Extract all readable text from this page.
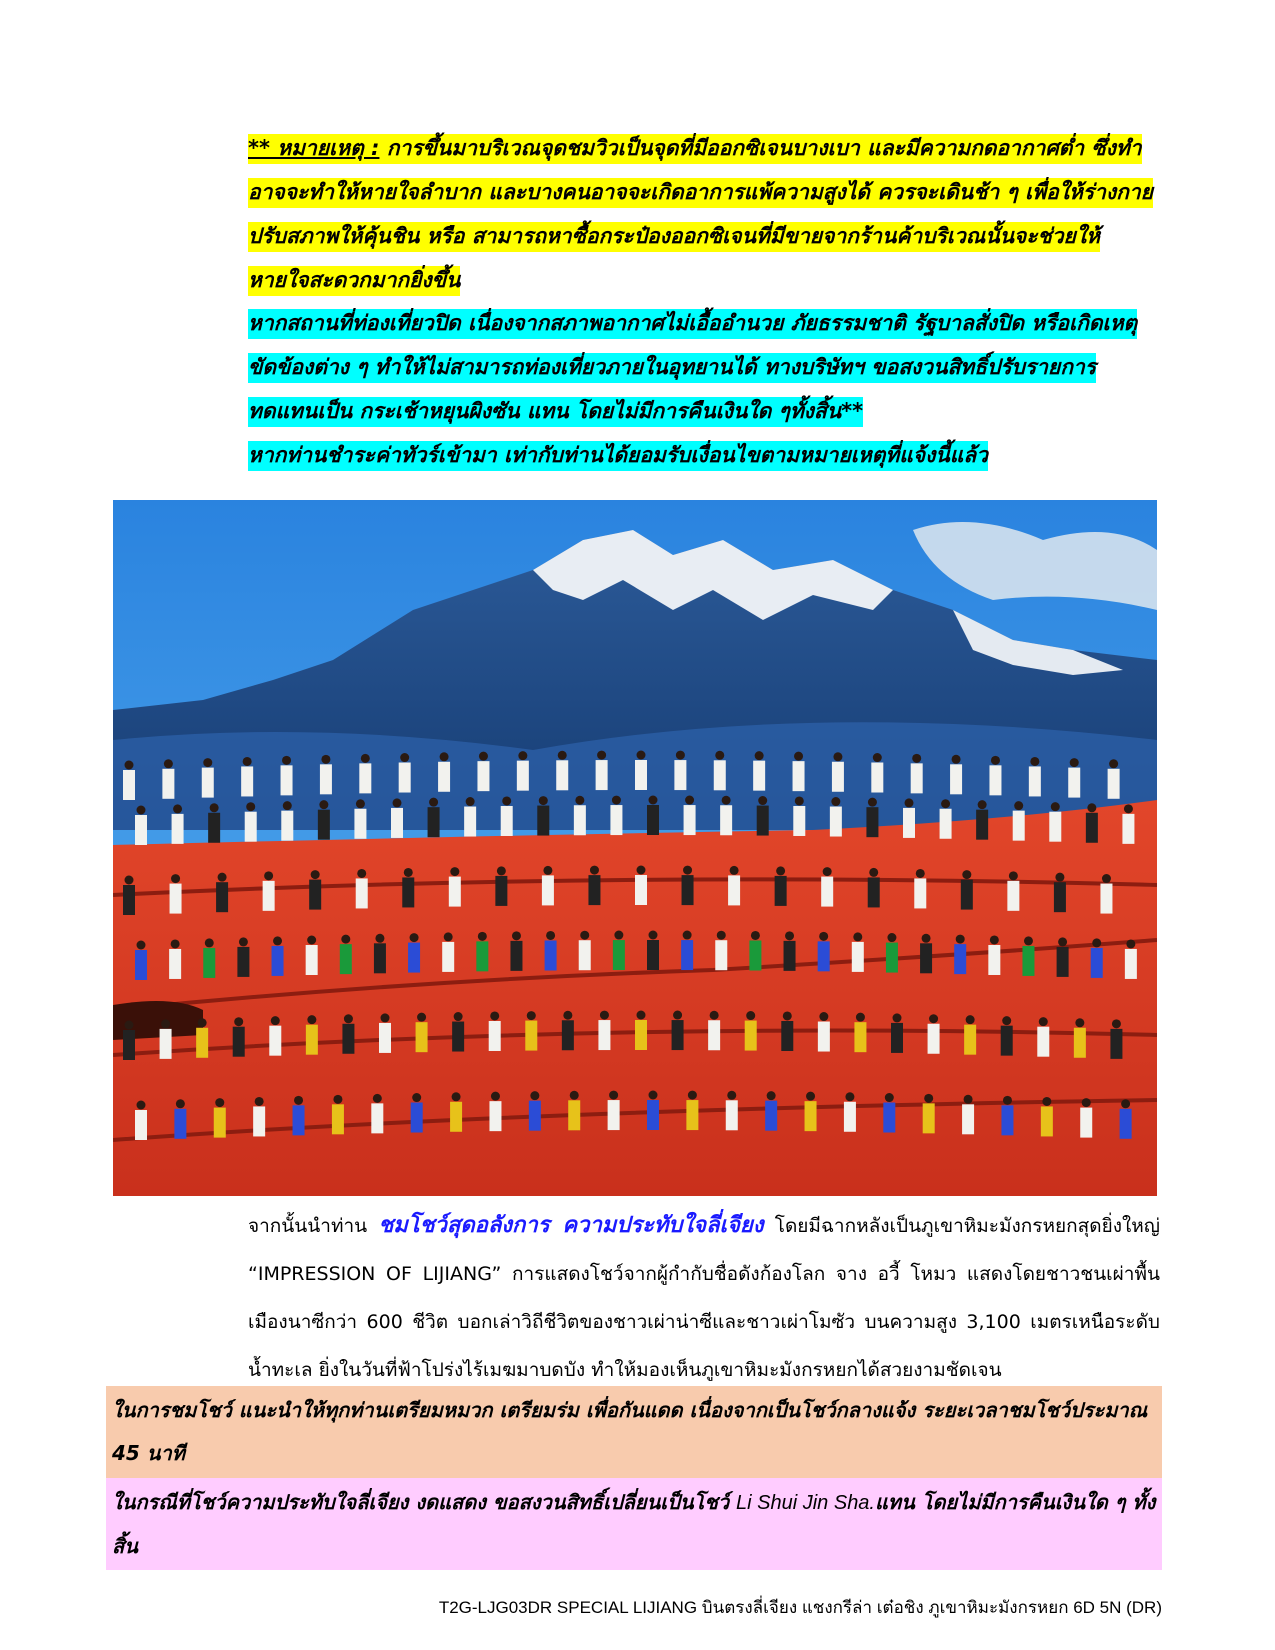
** หมายเหตุ : การขึ้นมาบริเวณจุดชมวิวเป็นจุดที่มีออกซิเจนบางเบา และมีความกดอากาศต่ำ ซึ่งทำอาจจะทำให้หายใจลำบาก และบางคนอาจจะเกิดอาการแพ้ความสูงได้ ควรจะเดินช้า ๆ เพื่อให้ร่างกายปรับสภาพให้คุ้นชิน หรือ สามารถหาซื้อกระป๋องออกซิเจนที่มีขายจากร้านค้าบริเวณนั้นจะช่วยให้หายใจสะดวกมากยิ่งขึ้น
หากสถานที่ท่องเที่ยวปิด เนื่องจากสภาพอากาศไม่เอื้ออำนวย ภัยธรรมชาติ รัฐบาลสั่งปิด หรือเกิดเหตุขัดข้องต่าง ๆ ทำให้ไม่สามารถท่องเที่ยวภายในอุทยานได้ ทางบริษัทฯ ขอสงวนสิทธิ์ปรับรายการทดแทนเป็น กระเช้าหยุนผิงซัน แทน โดยไม่มีการคืนเงินใด ๆทั้งสิ้น**
หากท่านชำระค่าทัวร์เข้ามา เท่ากับท่านได้ยอมรับเงื่อนไขตามหมายเหตุที่แจ้งนี้แล้ว
จากนั้นนำท่าน ชมโชว์สุดอลังการ ความประทับใจลี่เจียง โดยมีฉากหลังเป็นภูเขาหิมะมังกรหยกสุดยิ่งใหญ่ “IMPRESSION OF LIJIANG” การแสดงโชว์จากผู้กำกับชื่อดังก้องโลก จาง อวี้ โหมว แสดงโดยชาวชนเผ่าพื้นเมืองนาซีกว่า 600 ชีวิต บอกเล่าวิถีชีวิตของชาวเผ่าน่าซีและชาวเผ่าโมซัว บนความสูง 3,100 เมตรเหนือระดับน้ำทะเล ยิ่งในวันที่ฟ้าโปร่งไร้เมฆมาบดบัง ทำให้มองเห็นภูเขาหิมะมังกรหยกได้สวยงามชัดเจน
ในการชมโชว์ แนะนำให้ทุกท่านเตรียมหมวก เตรียมร่ม เพื่อกันแดด เนื่องจากเป็นโชว์กลางแจ้ง ระยะเวลาชมโชว์ประมาณ 45 นาที
ในกรณีที่โชว์ความประทับใจลี่เจียง งดแสดง ขอสงวนสิทธิ์เปลี่ยนเป็นโชว์ Li Shui Jin Sha.แทน โดยไม่มีการคืนเงินใด ๆ ทั้งสิ้น
T2G-LJG03DR SPECIAL LIJIANG บินตรงลี่เจียง แชงกรีล่า เต๋อชิง ภูเขาหิมะมังกรหยก 6D 5N (DR)
